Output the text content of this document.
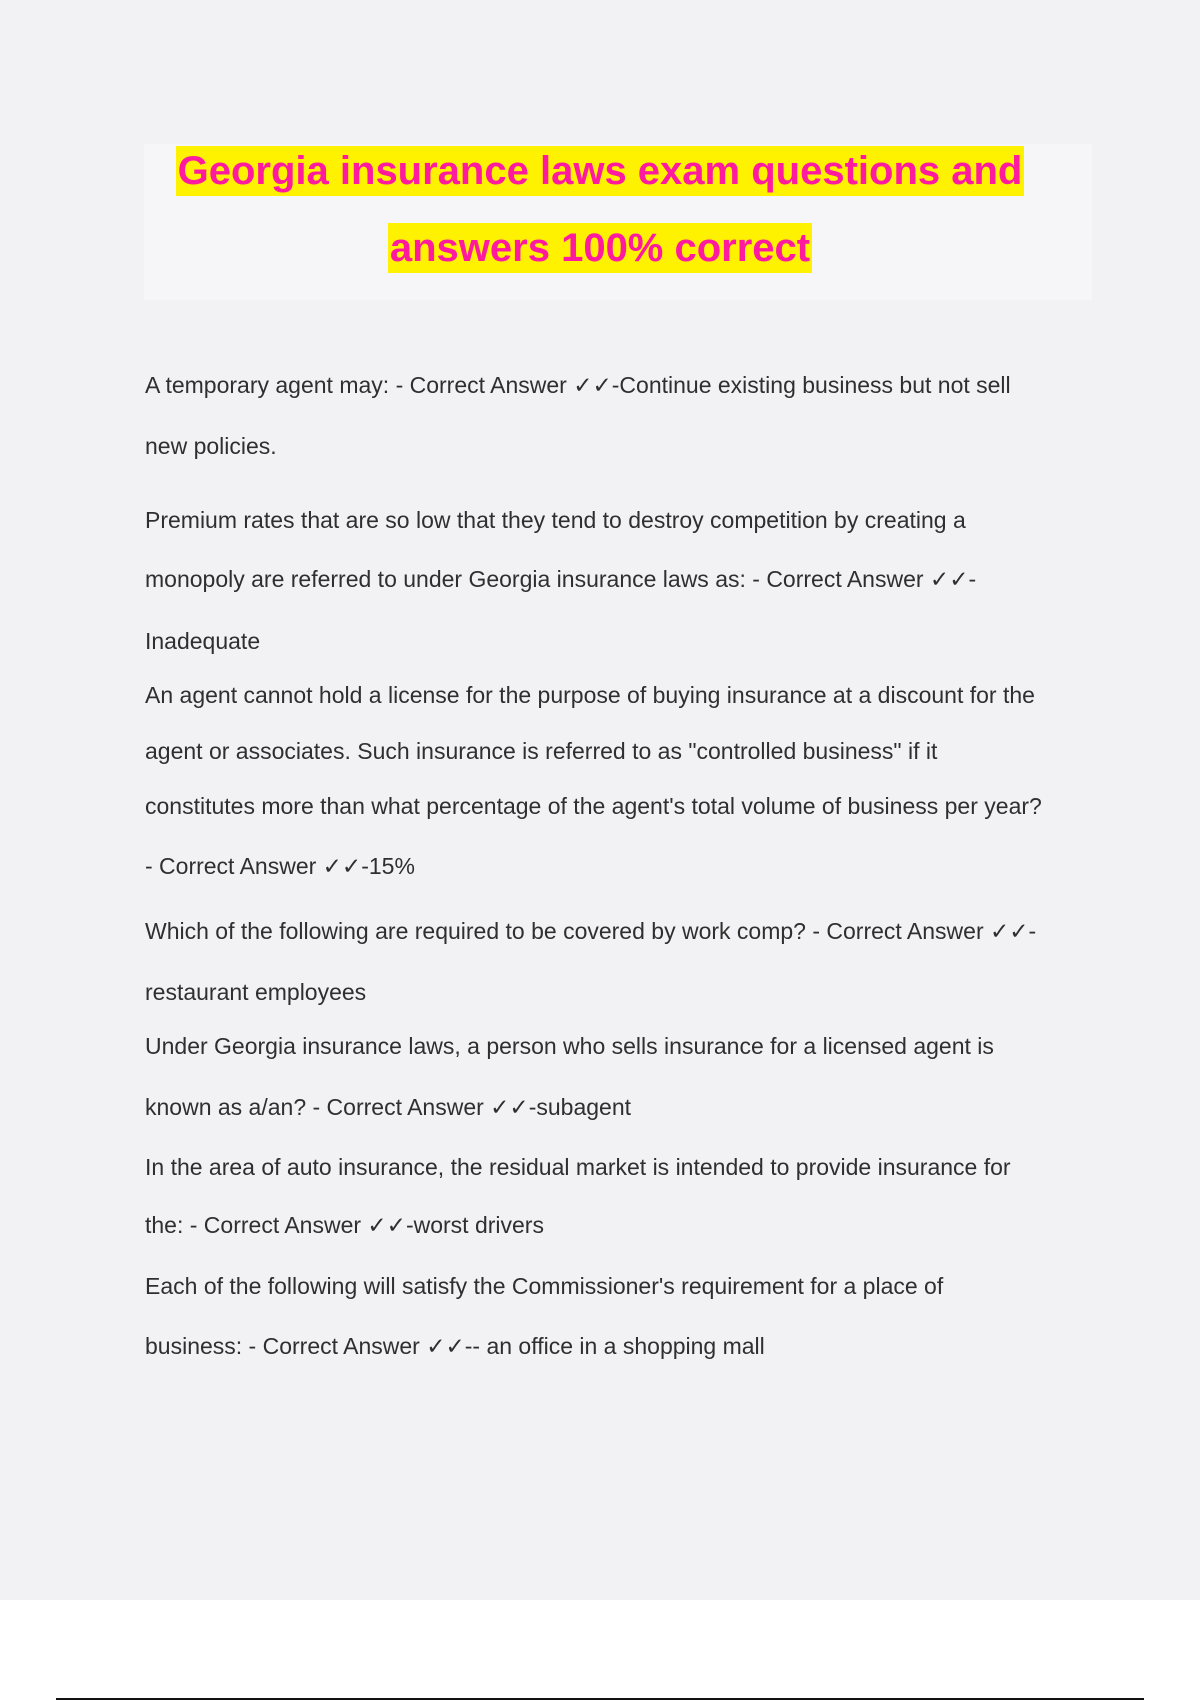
Georgia insurance laws exam questions and
answers 100% correct
A temporary agent may: - Correct Answer ✓✓-Continue existing business but not sell
new policies.
Premium rates that are so low that they tend to destroy competition by creating a
monopoly are referred to under Georgia insurance laws as: - Correct Answer ✓✓-
Inadequate
An agent cannot hold a license for the purpose of buying insurance at a discount for the
agent or associates. Such insurance is referred to as "controlled business" if it
constitutes more than what percentage of the agent's total volume of business per year?
- Correct Answer ✓✓-15%
Which of the following are required to be covered by work comp? - Correct Answer ✓✓-
restaurant employees
Under Georgia insurance laws, a person who sells insurance for a licensed agent is
known as a/an? - Correct Answer ✓✓-subagent
In the area of auto insurance, the residual market is intended to provide insurance for
the: - Correct Answer ✓✓-worst drivers
Each of the following will satisfy the Commissioner's requirement for a place of
business: - Correct Answer ✓✓-- an office in a shopping mall
